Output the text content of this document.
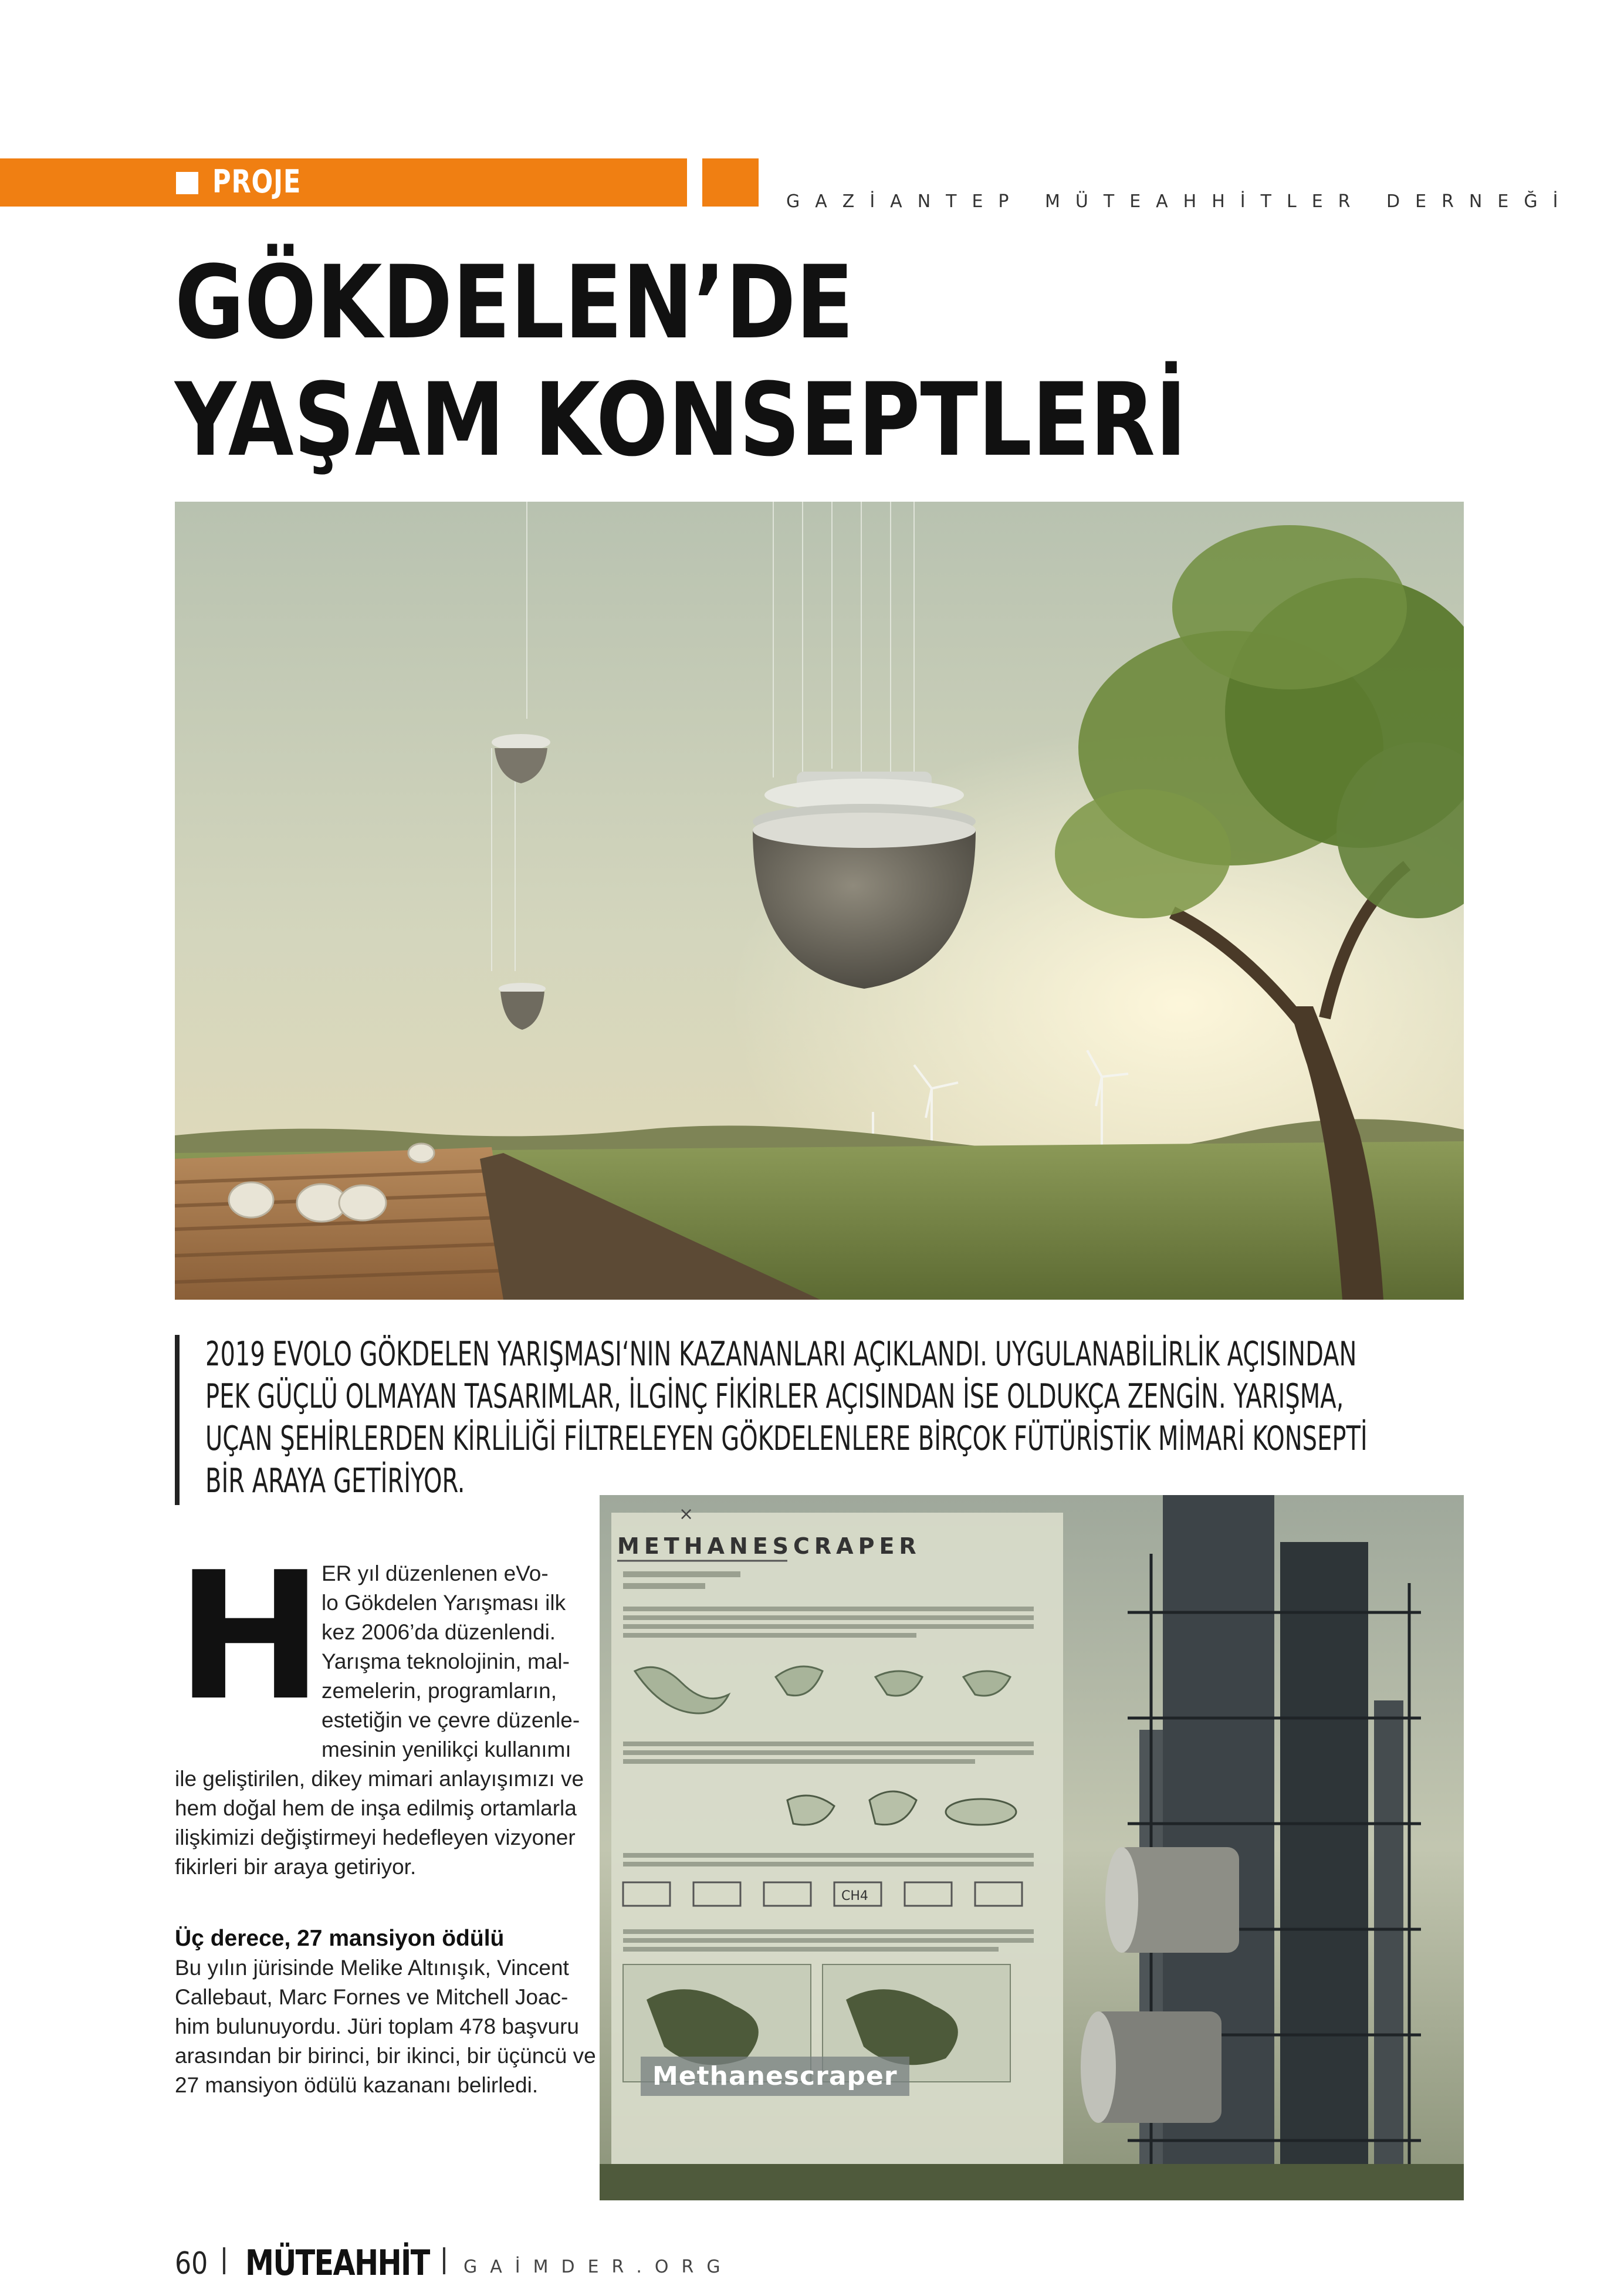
PROJE
GAZİANTEP MÜTEAHHİTLER DERNEĞİ
GÖKDELEN’DE
YAŞAM KONSEPTLERİ
2019 EVOLO GÖKDELEN YARIŞMASI‘NIN KAZANANLARI AÇIKLANDI. UYGULANABİLİRLİK AÇISINDAN
PEK GÜÇLÜ OLMAYAN TASARIMLAR, İLGİNÇ FİKİRLER AÇISINDAN İSE OLDUKÇA ZENGİN. YARIŞMA,
UÇAN ŞEHİRLERDEN KİRLİLİĞİ FİLTRELEYEN GÖKDELENLERE BİRÇOK FÜTÜRİSTİK MİMARİ KONSEPTİ
BİR ARAYA GETİRİYOR.
H
ER yıl düzenlenen eVo-
lo Gökdelen Yarışması ilk
kez 2006’da düzenlendi.
Yarışma teknolojinin, mal-
zemelerin, programların,
estetiğin ve çevre düzenle-
mesinin yenilikçi kullanımı
ile geliştirilen, dikey mimari anlayışımızı ve
hem doğal hem de inşa edilmiş ortamlarla
ilişkimizi değiştirmeyi hedefleyen vizyoner
fikirleri bir araya getiriyor.
Üç derece, 27 mansiyon ödülü
Bu yılın jürisinde Melike Altınışık, Vincent
Callebaut, Marc Fornes ve Mitchell Joac-
him bulunuyordu. Jüri toplam 478 başvuru
arasından bir birinci, bir ikinci, bir üçüncü ve
27 mansiyon ödülü kazananı belirledi.
×
METHANESCRAPER
CH4
Methanescraper
60 MÜTEAHHİT GAİMDER.ORG
